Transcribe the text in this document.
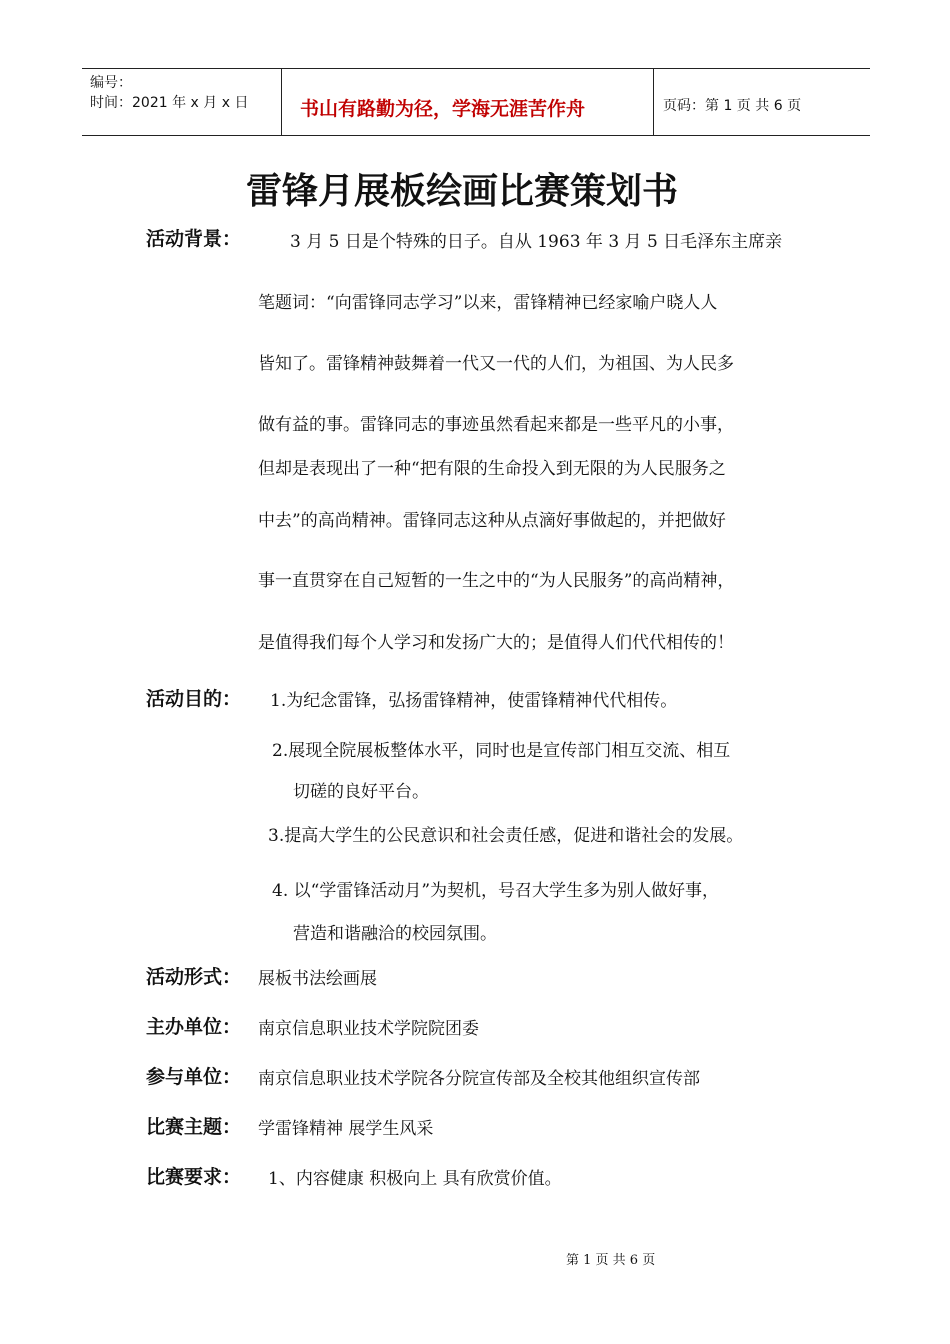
编号：
时间：2021 年 x 月 x 日	书山有路勤为径，学海无涯苦作舟	页码：第 1 页 共 6 页
雷锋月展板绘画比赛策划书
活动背景：	3 月 5 日是个特殊的日子。自从 1963 年 3 月 5 日毛泽东主席亲
笔题词：“向雷锋同志学习”以来，雷锋精神已经家喻户晓人人
皆知了。雷锋精神鼓舞着一代又一代的人们，为祖国、为人民多
做有益的事。雷锋同志的事迹虽然看起来都是一些平凡的小事，
但却是表现出了一种“把有限的生命投入到无限的为人民服务之
中去”的高尚精神。雷锋同志这种从点滴好事做起的，并把做好
事一直贯穿在自己短暂的一生之中的“为人民服务”的高尚精神，
是值得我们每个人学习和发扬广大的；是值得人们代代相传的！
活动目的： 1.为纪念雷锋，弘扬雷锋精神，使雷锋精神代代相传。
2.展现全院展板整体水平，同时也是宣传部门相互交流、相互
切磋的良好平台。
3.提高大学生的公民意识和社会责任感，促进和谐社会的发展。
4. 以“学雷锋活动月”为契机，号召大学生多为别人做好事，
营造和谐融洽的校园氛围。
活动形式： 展板书法绘画展
主办单位： 南京信息职业技术学院院团委
参与单位： 南京信息职业技术学院各分院宣传部及全校其他组织宣传部
比赛主题： 学雷锋精神 展学生风采
比赛要求： 1、内容健康 积极向上 具有欣赏价值。
第 1 页 共 6 页
